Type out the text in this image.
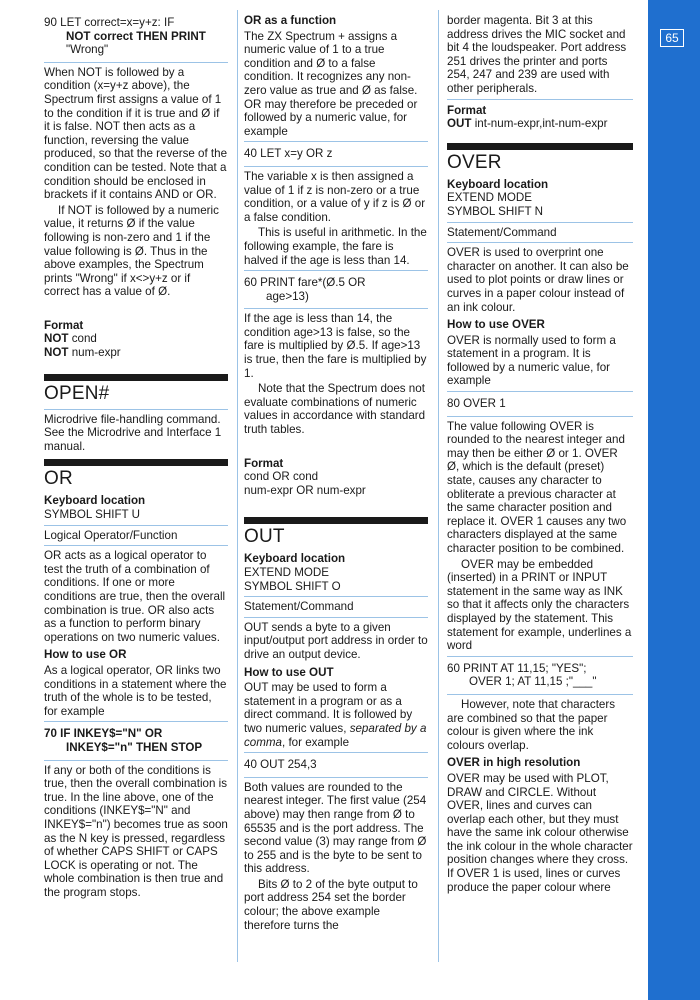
90 LET correct=x=y+z: IF
NOT correct THEN PRINT
"Wrong"

When NOT is followed by a condition (x=y+z above), the Spectrum first assigns a value of 1 to the condition if it is true and Ø if it is false. NOT then acts as a function, reversing the value produced, so that the reverse of the condition can be tested. Note that a condition should be enclosed in brackets if it contains AND or OR.

If NOT is followed by a numeric value, it returns Ø if the value following is non-zero and 1 if the value following is Ø. Thus in the above examples, the Spectrum prints "Wrong" if x<>y+z or if correct has a value of Ø.

Format
NOT cond
NOT num-expr
OPEN#

Microdrive file-handling command. See the Microdrive and Interface 1 manual.

OR
Keyboard location
SYMBOL SHIFT U
Logical Operator/Function

OR acts as a logical operator to test the truth of a combination of conditions. If one or more conditions are true, then the overall combination is true. OR also acts as a function to perform binary operations on two numeric values.

How to use OR

As a logical operator, OR links two conditions in a statement where the truth of the whole is to be tested, for example

70 IF INKEY$="N" OR
INKEY$="n" THEN STOP

If any or both of the conditions is true, then the overall combination is true. In the line above, one of the conditions (INKEY$="N" and INKEY$="n") becomes true as soon as the N key is pressed, regardless of whether CAPS SHIFT or CAPS LOCK is operating or not. The whole combination is then true and the program stops.

OR as a function

The ZX Spectrum + assigns a numeric value of 1 to a true condition and Ø to a false condition. It recognizes any non-zero value as true and Ø as false. OR may therefore be preceded or followed by a numeric value, for example

40 LET x=y OR z

The variable x is then assigned a value of 1 if z is non-zero or a true condition, or a value of y if z is Ø or a false condition.

This is useful in arithmetic. In the following example, the fare is halved if the age is less than 14.

60 PRINT fare*(Ø.5 OR
age>13)

If the age is less than 14, the condition age>13 is false, so the fare is multiplied by Ø.5. If age>13 is true, then the fare is multiplied by 1.

Note that the Spectrum does not evaluate combinations of numeric values in accordance with standard truth tables.

Format
cond OR cond
num-expr OR num-expr
OUT
Keyboard location
EXTEND MODE
SYMBOL SHIFT O
Statement/Command

OUT sends a byte to a given input/output port address in order to drive an output device.

How to use OUT

OUT may be used to form a statement in a program or as a direct command. It is followed by two numeric values, separated by a comma, for example

40 OUT 254,3

Both values are rounded to the nearest integer. The first value (254 above) may then range from Ø to 65535 and is the port address. The second value (3) may range from Ø to 255 and is the byte to be sent to this address.

Bits Ø to 2 of the byte output to port address 254 set the border colour; the above example therefore turns the

border magenta. Bit 3 at this address drives the MIC socket and bit 4 the loudspeaker. Port address 251 drives the printer and ports 254, 247 and 239 are used with other peripherals.

Format
OUT int-num-expr,int-num-expr
OVER
Keyboard location
EXTEND MODE
SYMBOL SHIFT N
Statement/Command

OVER is used to overprint one character on another. It can also be used to plot points or draw lines or curves in a paper colour instead of an ink colour.

How to use OVER

OVER is normally used to form a statement in a program. It is followed by a numeric value, for example

80 OVER 1

The value following OVER is rounded to the nearest integer and may then be either Ø or 1. OVER Ø, which is the default (preset) state, causes any character to obliterate a previous character at the same character position and replace it. OVER 1 causes any two characters displayed at the same character position to be combined.

OVER may be embedded (inserted) in a PRINT or INPUT statement in the same way as INK so that it affects only the characters displayed by the statement. This statement for example, underlines a word

60 PRINT AT 11,15; "YES";
OVER 1; AT 11,15 ;"___"

However, note that characters are combined so that the paper colour is given where the ink colours overlap.

OVER in high resolution

OVER may be used with PLOT, DRAW and CIRCLE. Without OVER, lines and curves can overlap each other, but they must have the same ink colour otherwise the ink colour in the whole character position changes where they cross. If OVER 1 is used, lines or curves produce the paper colour where

65
